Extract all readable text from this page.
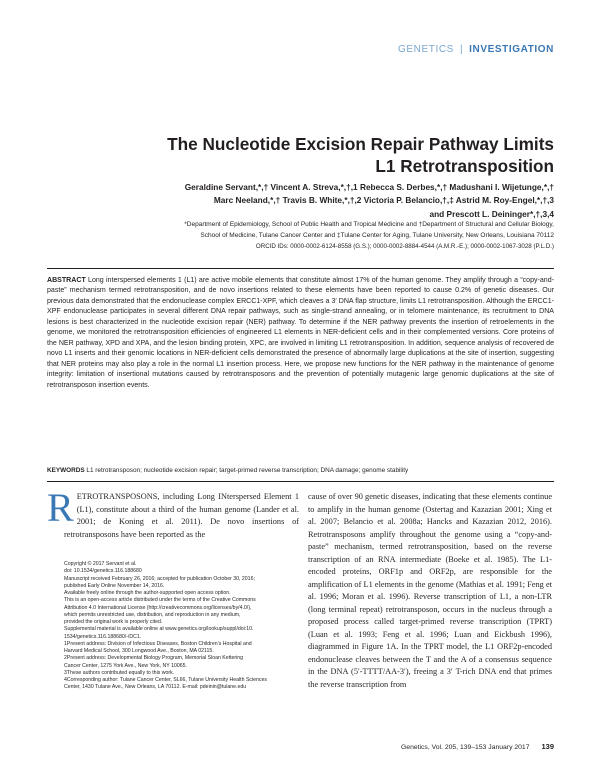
GENETICS | INVESTIGATION
The Nucleotide Excision Repair Pathway Limits
L1 Retrotransposition
Geraldine Servant,*,† Vincent A. Streva,*,†,1 Rebecca S. Derbes,*,† Madushani I. Wijetunge,*,†
Marc Neeland,*,† Travis B. White,*,†,2 Victoria P. Belancio,†,‡ Astrid M. Roy-Engel,*,†,3
and Prescott L. Deininger*,†,3,4
*Department of Epidemiology, School of Public Health and Tropical Medicine and †Department of Structural and Cellular Biology,
School of Medicine, Tulane Cancer Center and ‡Tulane Center for Aging, Tulane University, New Orleans, Louisiana 70112
ORCID IDs: 0000-0002-6124-8558 (G.S.); 0000-0002-8884-4544 (A.M.R.-E.); 0000-0002-1067-3028 (P.L.D.)
ABSTRACT Long interspersed elements 1 (L1) are active mobile elements that constitute almost 17% of the human genome. They amplify through a “copy-and-paste” mechanism termed retrotransposition, and de novo insertions related to these elements have been reported to cause 0.2% of genetic diseases. Our previous data demonstrated that the endonuclease complex ERCC1-XPF, which cleaves a 3′ DNA flap structure, limits L1 retrotransposition. Although the ERCC1-XPF endonuclease participates in several different DNA repair pathways, such as single-strand annealing, or in telomere maintenance, its recruitment to DNA lesions is best characterized in the nucleotide excision repair (NER) pathway. To determine if the NER pathway prevents the insertion of retroelements in the genome, we monitored the retrotransposition efficiencies of engineered L1 elements in NER-deficient cells and in their complemented versions. Core proteins of the NER pathway, XPD and XPA, and the lesion binding protein, XPC, are involved in limiting L1 retrotransposition. In addition, sequence analysis of recovered de novo L1 inserts and their genomic locations in NER-deficient cells demonstrated the presence of abnormally large duplications at the site of insertion, suggesting that NER proteins may also play a role in the normal L1 insertion process. Here, we propose new functions for the NER pathway in the maintenance of genome integrity: limitation of insertional mutations caused by retrotransposons and the prevention of potentially mutagenic large genomic duplications at the site of retrotransposon insertion events.
KEYWORDS L1 retrotransposon; nucleotide excision repair; target-primed reverse transcription; DNA damage; genome stability
RETROTRANSPOSONS, including Long INterspersed Element 1 (L1), constitute about a third of the human genome (Lander et al. 2001; de Koning et al. 2011). De novo insertions of retrotransposons have been reported as the
Copyright © 2017 Servant et al.
doi: 10.1534/genetics.116.188680
Manuscript received February 26, 2016; accepted for publication October 30, 2016;
published Early Online November 14, 2016.
Available freely online through the author-supported open access option.
This is an open-access article distributed under the terms of the Creative Commons
Attribution 4.0 International License (http://creativecommons.org/licenses/by/4.0/),
which permits unrestricted use, distribution, and reproduction in any medium,
provided the original work is properly cited.
Supplemental material is available online at www.genetics.org/lookup/suppl/doi:10.
1534/genetics.116.188680/-/DC1.
1Present address: Division of Infectious Diseases, Boston Children’s Hospital and
Harvard Medical School, 300 Longwood Ave., Boston, MA 02115.
2Present address: Developmental Biology Program, Memorial Sloan Kettering
Cancer Center, 1275 York Ave., New York, NY 10065.
3These authors contributed equally to this work.
4Corresponding author: Tulane Cancer Center, SL66, Tulane University Health Sciences
Center, 1430 Tulane Ave., New Orleans, LA 70112. E-mail: pdeinin@tulane.edu
cause of over 90 genetic diseases, indicating that these elements continue to amplify in the human genome (Ostertag and Kazazian 2001; Xing et al. 2007; Belancio et al. 2008a; Hancks and Kazazian 2012, 2016). Retrotransposons amplify throughout the genome using a “copy-and-paste” mechanism, termed retrotransposition, based on the reverse transcription of an RNA intermediate (Boeke et al. 1985). The L1-encoded proteins, ORF1p and ORF2p, are responsible for the amplification of L1 elements in the genome (Mathias et al. 1991; Feng et al. 1996; Moran et al. 1996). Reverse transcription of L1, a non-LTR (long terminal repeat) retrotransposon, occurs in the nucleus through a proposed process called target-primed reverse transcription (TPRT) (Luan et al. 1993; Feng et al. 1996; Luan and Eickbush 1996), diagrammed in Figure 1A. In the TPRT model, the L1 ORF2p-encoded endonuclease cleaves between the T and the A of a consensus sequence in the DNA (5′-TTTT/AA-3′), freeing a 3′ T-rich DNA end that primes the reverse transcription from
Genetics, Vol. 205, 139–153 January 2017 139
